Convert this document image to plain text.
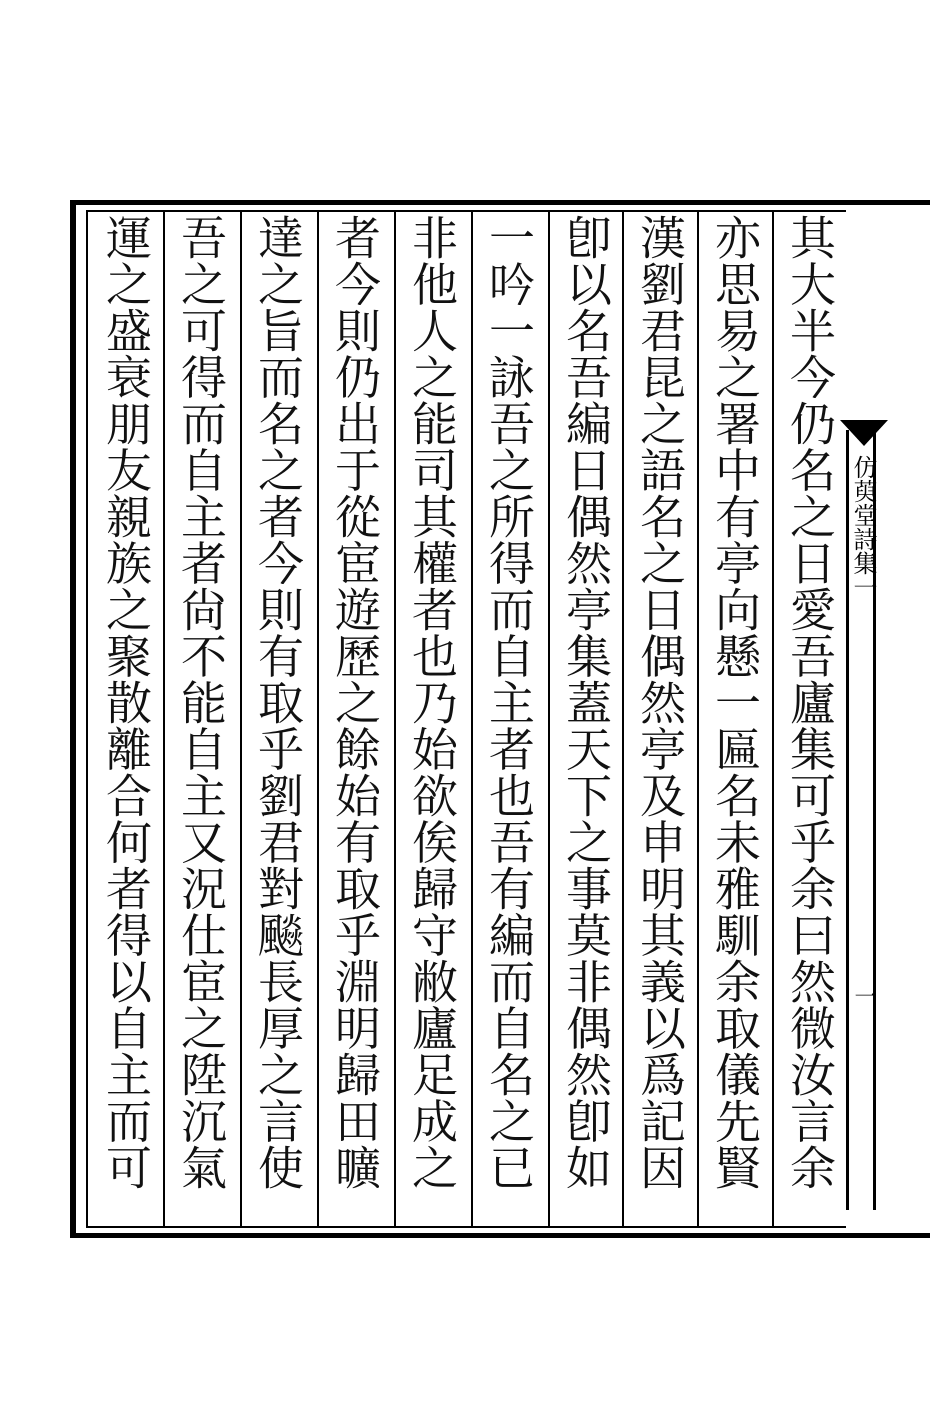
其大半今仍名之日愛吾廬集可乎余曰然微汝言余
亦思易之署中有亭向懸一匾名未雅馴余取儀先賢
漢劉君昆之語名之日偶然亭及申明其義以爲記因
卽以名吾編日偶然亭集蓋天下之事莫非偶然卽如
一吟一詠吾之所得而自主者也吾有編而自名之已
非他人之能司其權者也乃始欲俟歸守敝廬足成之
者今則仍出于從宦遊歷之餘始有取乎淵明歸田曠
達之旨而名之者今則有取乎劉君對飈長厚之言使
吾之可得而自主者尙不能自主又況仕宦之陞沉氣
運之盛衰朋友親族之聚散離合何者得以自主而可	仿萸堂詩集一
一
